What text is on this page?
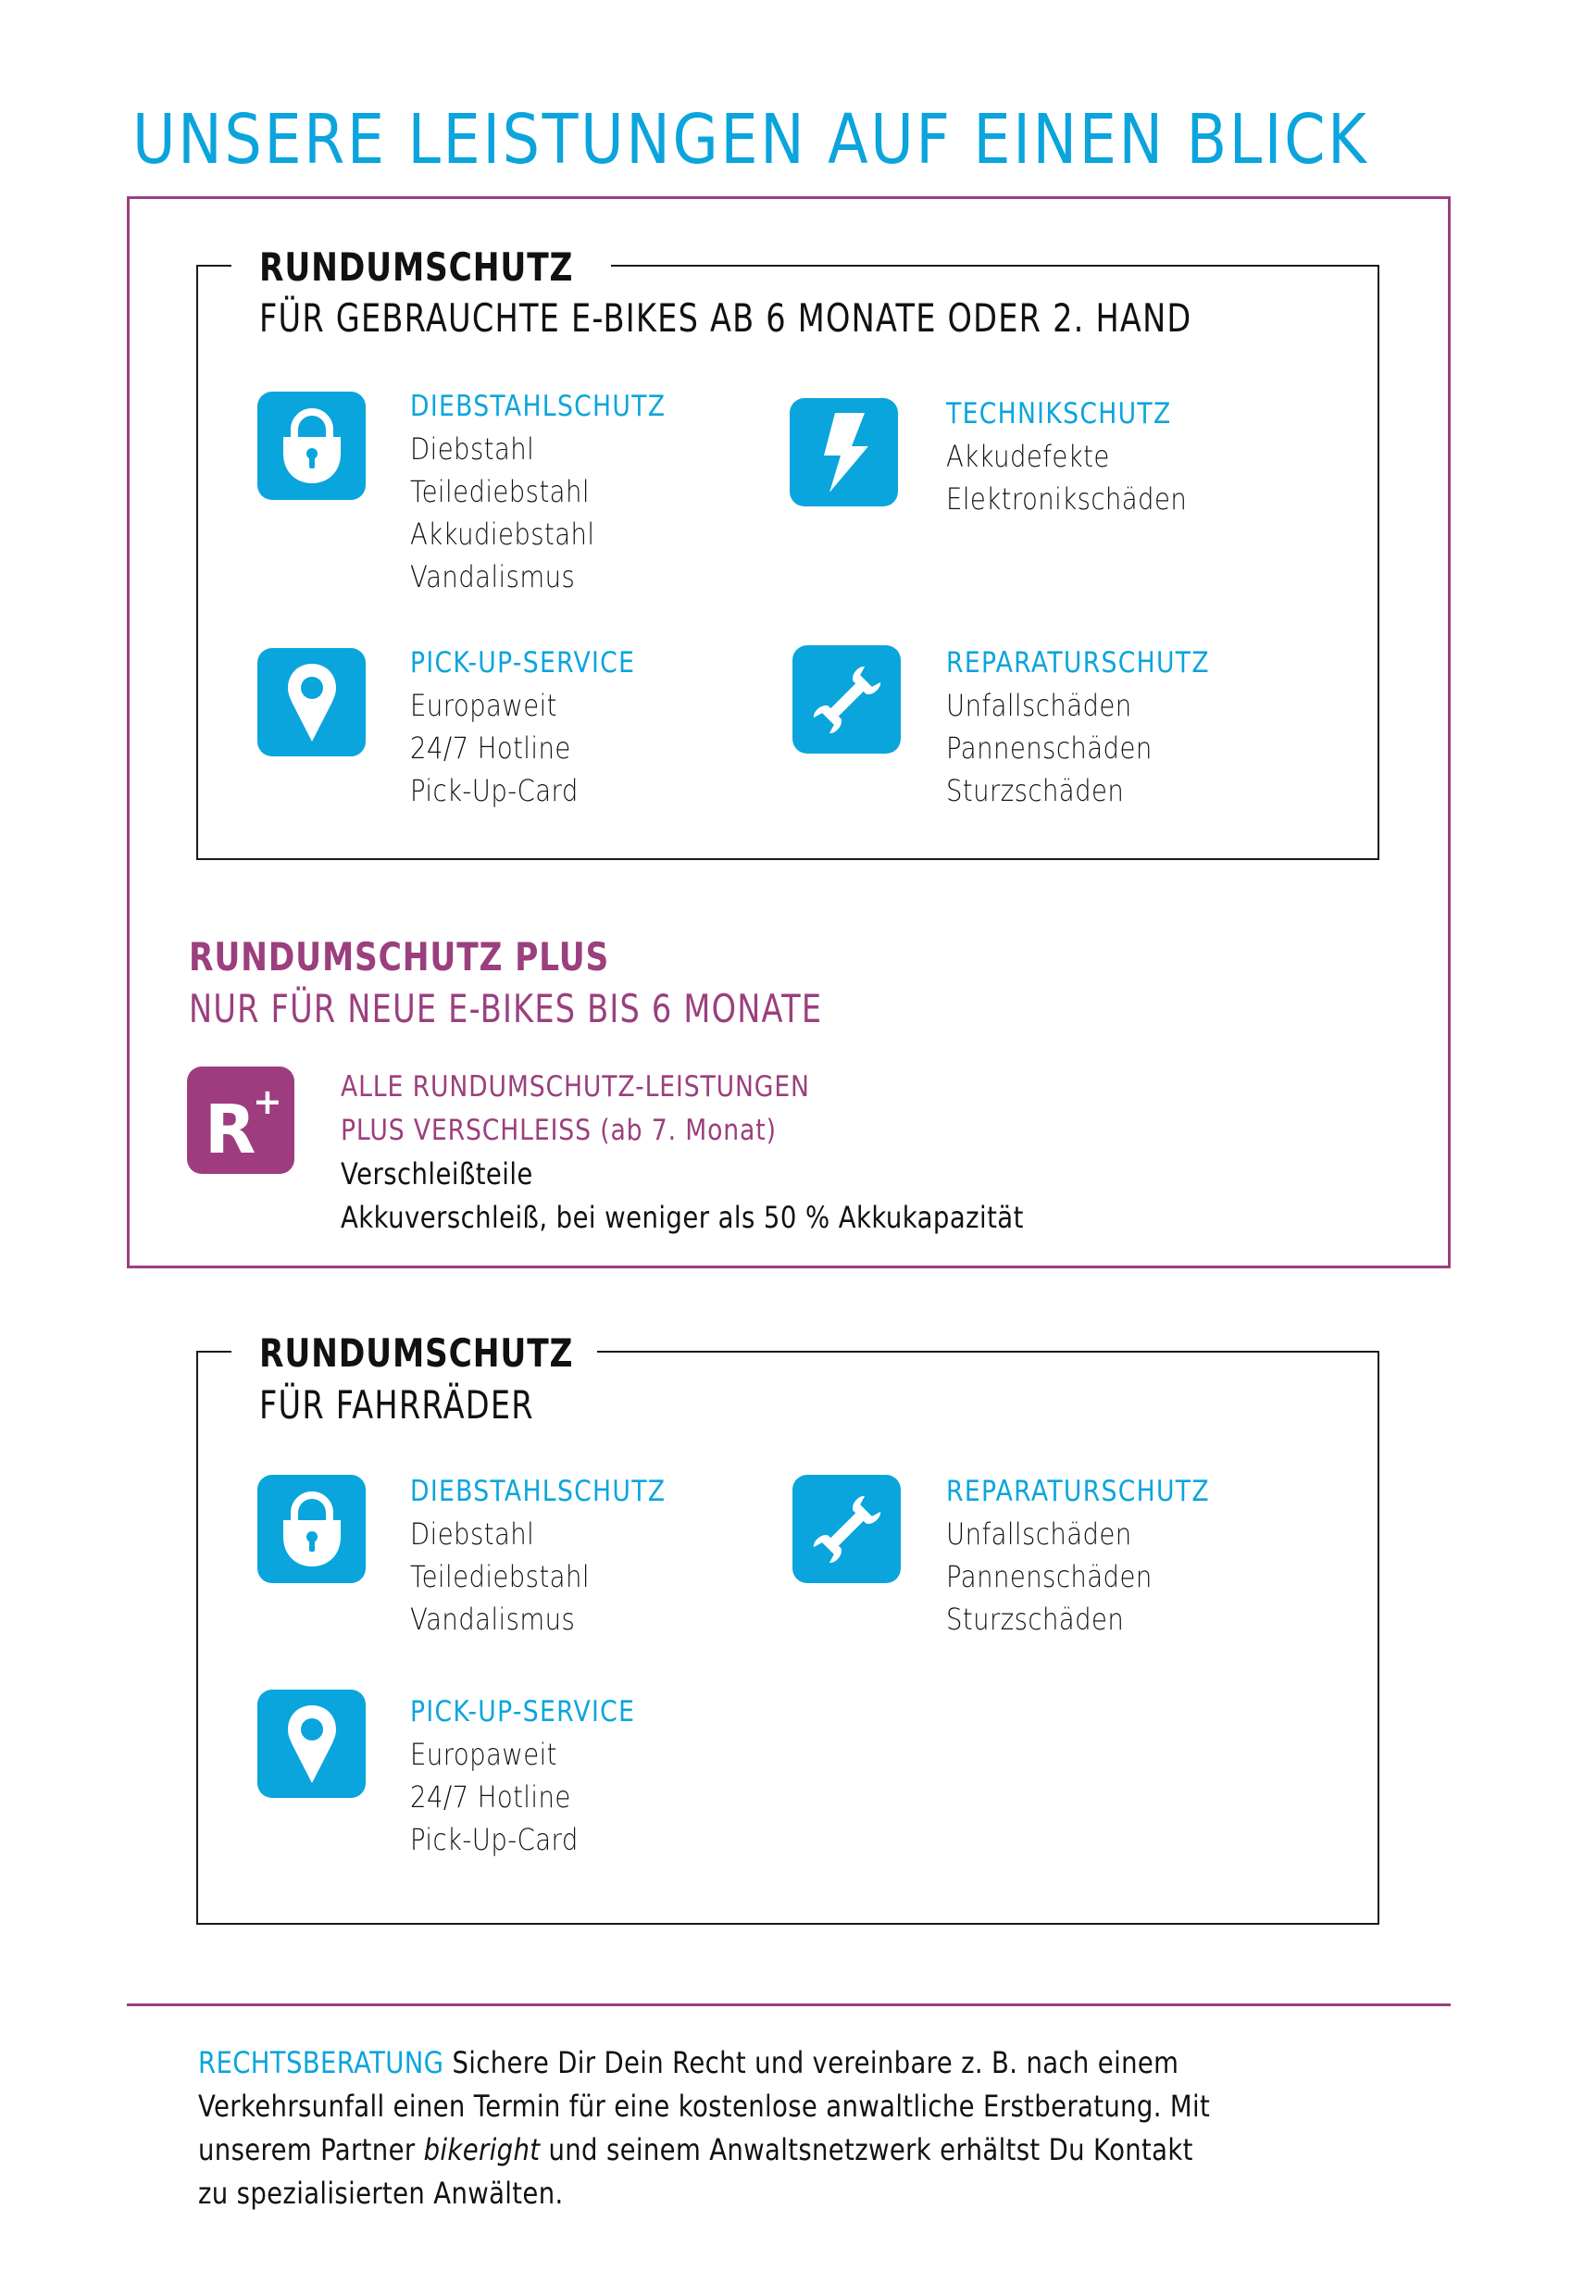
UNSERE LEISTUNGEN AUF EINEN BLICK
RUNDUMSCHUTZ
FÜR GEBRAUCHTE E-BIKES AB 6 MONATE ODER 2. HAND
DIEBSTAHLSCHUTZ
Diebstahl
Teilediebstahl
Akkudiebstahl
Vandalismus
TECHNIKSCHUTZ
Akkudefekte
Elektronikschäden
PICK-UP-SERVICE
Europaweit
24/7 Hotline
Pick-Up-Card
REPARATURSCHUTZ
Unfallschäden
Pannenschäden
Sturzschäden
RUNDUMSCHUTZ PLUS
NUR FÜR NEUE E-BIKES BIS 6 MONATE
R
+ ALLE RUNDUMSCHUTZ-LEISTUNGEN
PLUS VERSCHLEISS (ab 7. Monat)
Verschleißteile
Akkuverschleiß, bei weniger als 50 % Akkukapazität
RUNDUMSCHUTZ
FÜR FAHRRÄDER
DIEBSTAHLSCHUTZ
Diebstahl
Teilediebstahl
Vandalismus
REPARATURSCHUTZ
Unfallschäden
Pannenschäden
Sturzschäden
PICK-UP-SERVICE
Europaweit
24/7 Hotline
Pick-Up-Card
RECHTSBERATUNG Sichere Dir Dein Recht und vereinbare z. B. nach einem
Verkehrsunfall einen Termin für eine kostenlose anwaltliche Erstberatung. Mit
unserem Partner bikeright und seinem Anwaltsnetzwerk erhältst Du Kontakt
zu spezialisierten Anwälten.
